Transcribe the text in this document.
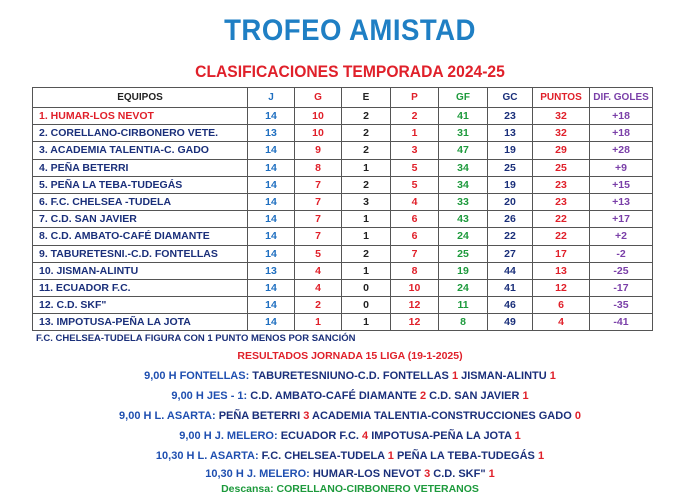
TROFEO AMISTAD
CLASIFICACIONES TEMPORADA 2024-25
EQUIPOS	J	G	E	P	GF	GC	PUNTOS	DIF. GOLES
1. HUMAR-LOS NEVOT	14	10	2	2	41	23	32	+18
2. CORELLANO-CIRBONERO VETE.	13	10	2	1	31	13	32	+18
3. ACADEMIA TALENTIA-C. GADO	14	9	2	3	47	19	29	+28
4. PEÑA BETERRI	14	8	1	5	34	25	25	+9
5. PEÑA LA TEBA-TUDEGÁS	14	7	2	5	34	19	23	+15
6. F.C. CHELSEA -TUDELA	14	7	3	4	33	20	23	+13
7. C.D. SAN JAVIER	14	7	1	6	43	26	22	+17
8. C.D. AMBATO-CAFÉ DIAMANTE	14	7	1	6	24	22	22	+2
9. TABURETESNI.-C.D. FONTELLAS	14	5	2	7	25	27	17	-2
10. JISMAN-ALINTU	13	4	1	8	19	44	13	-25
11. ECUADOR F.C.	14	4	0	10	24	41	12	-17
12. C.D. SKF"	14	2	0	12	11	46	6	-35
13. IMPOTUSA-PEÑA LA JOTA	14	1	1	12	8	49	4	-41
F.C. CHELSEA-TUDELA FIGURA CON 1 PUNTO MENOS POR SANCIÓN
RESULTADOS JORNADA 15 LIGA (19-1-2025)
9,00 H FONTELLAS: TABURETESNIUNO-C.D. FONTELLAS 1 JISMAN-ALINTU 1
9,00 H JES - 1: C.D. AMBATO-CAFÉ DIAMANTE 2 C.D. SAN JAVIER 1
9,00 H L. ASARTA: PEÑA BETERRI 3 ACADEMIA TALENTIA-CONSTRUCCIONES GADO 0
9,00 H J. MELERO: ECUADOR F.C. 4 IMPOTUSA-PEÑA LA JOTA 1
10,30 H L. ASARTA: F.C. CHELSEA-TUDELA 1 PEÑA LA TEBA-TUDEGÁS 1
10,30 H J. MELERO: HUMAR-LOS NEVOT 3 C.D. SKF" 1
Descansa: CORELLANO-CIRBONERO VETERANOS
